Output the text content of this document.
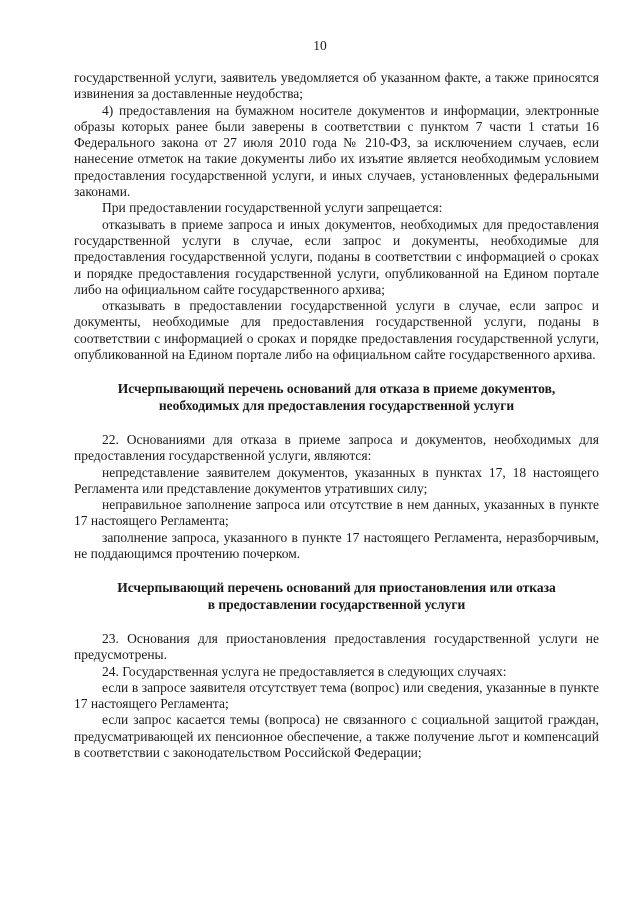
10

государственной услуги, заявитель уведомляется об указанном факте, а также приносятся извинения за доставленные неудобства;

4) предоставления на бумажном носителе документов и информации, электронные образы которых ранее были заверены в соответствии с пунктом 7 части 1 статьи 16 Федерального закона от 27 июля 2010 года № 210-ФЗ, за исключением случаев, если нанесение отметок на такие документы либо их изъятие является необходимым условием предоставления государственной услуги, и иных случаев, установленных федеральными законами.

При предоставлении государственной услуги запрещается:

отказывать в приеме запроса и иных документов, необходимых для предоставления государственной услуги в случае, если запрос и документы, необходимые для предоставления государственной услуги, поданы в соответствии с информацией о сроках и порядке предоставления государственной услуги, опубликованной на Едином портале либо на официальном сайте государственного архива;

отказывать в предоставлении государственной услуги в случае, если запрос и документы, необходимые для предоставления государственной услуги, поданы в соответствии с информацией о сроках и порядке предоставления государственной услуги, опубликованной на Едином портале либо на официальном сайте государственного архива.

Исчерпывающий перечень оснований для отказа в приеме документов,

необходимых для предоставления государственной услуги

22. Основаниями для отказа в приеме запроса и документов, необходимых для предоставления государственной услуги, являются:

непредставление заявителем документов, указанных в пунктах 17, 18 настоящего Регламента или представление документов утративших силу;

неправильное заполнение запроса или отсутствие в нем данных, указанных в пункте 17 настоящего Регламента;

заполнение запроса, указанного в пункте 17 настоящего Регламента, неразборчивым, не поддающимся прочтению почерком.

Исчерпывающий перечень оснований для приостановления или отказа

в предоставлении государственной услуги

23. Основания для приостановления предоставления государственной услуги не предусмотрены.

24. Государственная услуга не предоставляется в следующих случаях:

если в запросе заявителя отсутствует тема (вопрос) или сведения, указанные в пункте 17 настоящего Регламента;

если запрос касается темы (вопроса) не связанного с социальной защитой граждан, предусматривающей их пенсионное обеспечение, а также получение льгот и компенсаций в соответствии с законодательством Российской Федерации;
